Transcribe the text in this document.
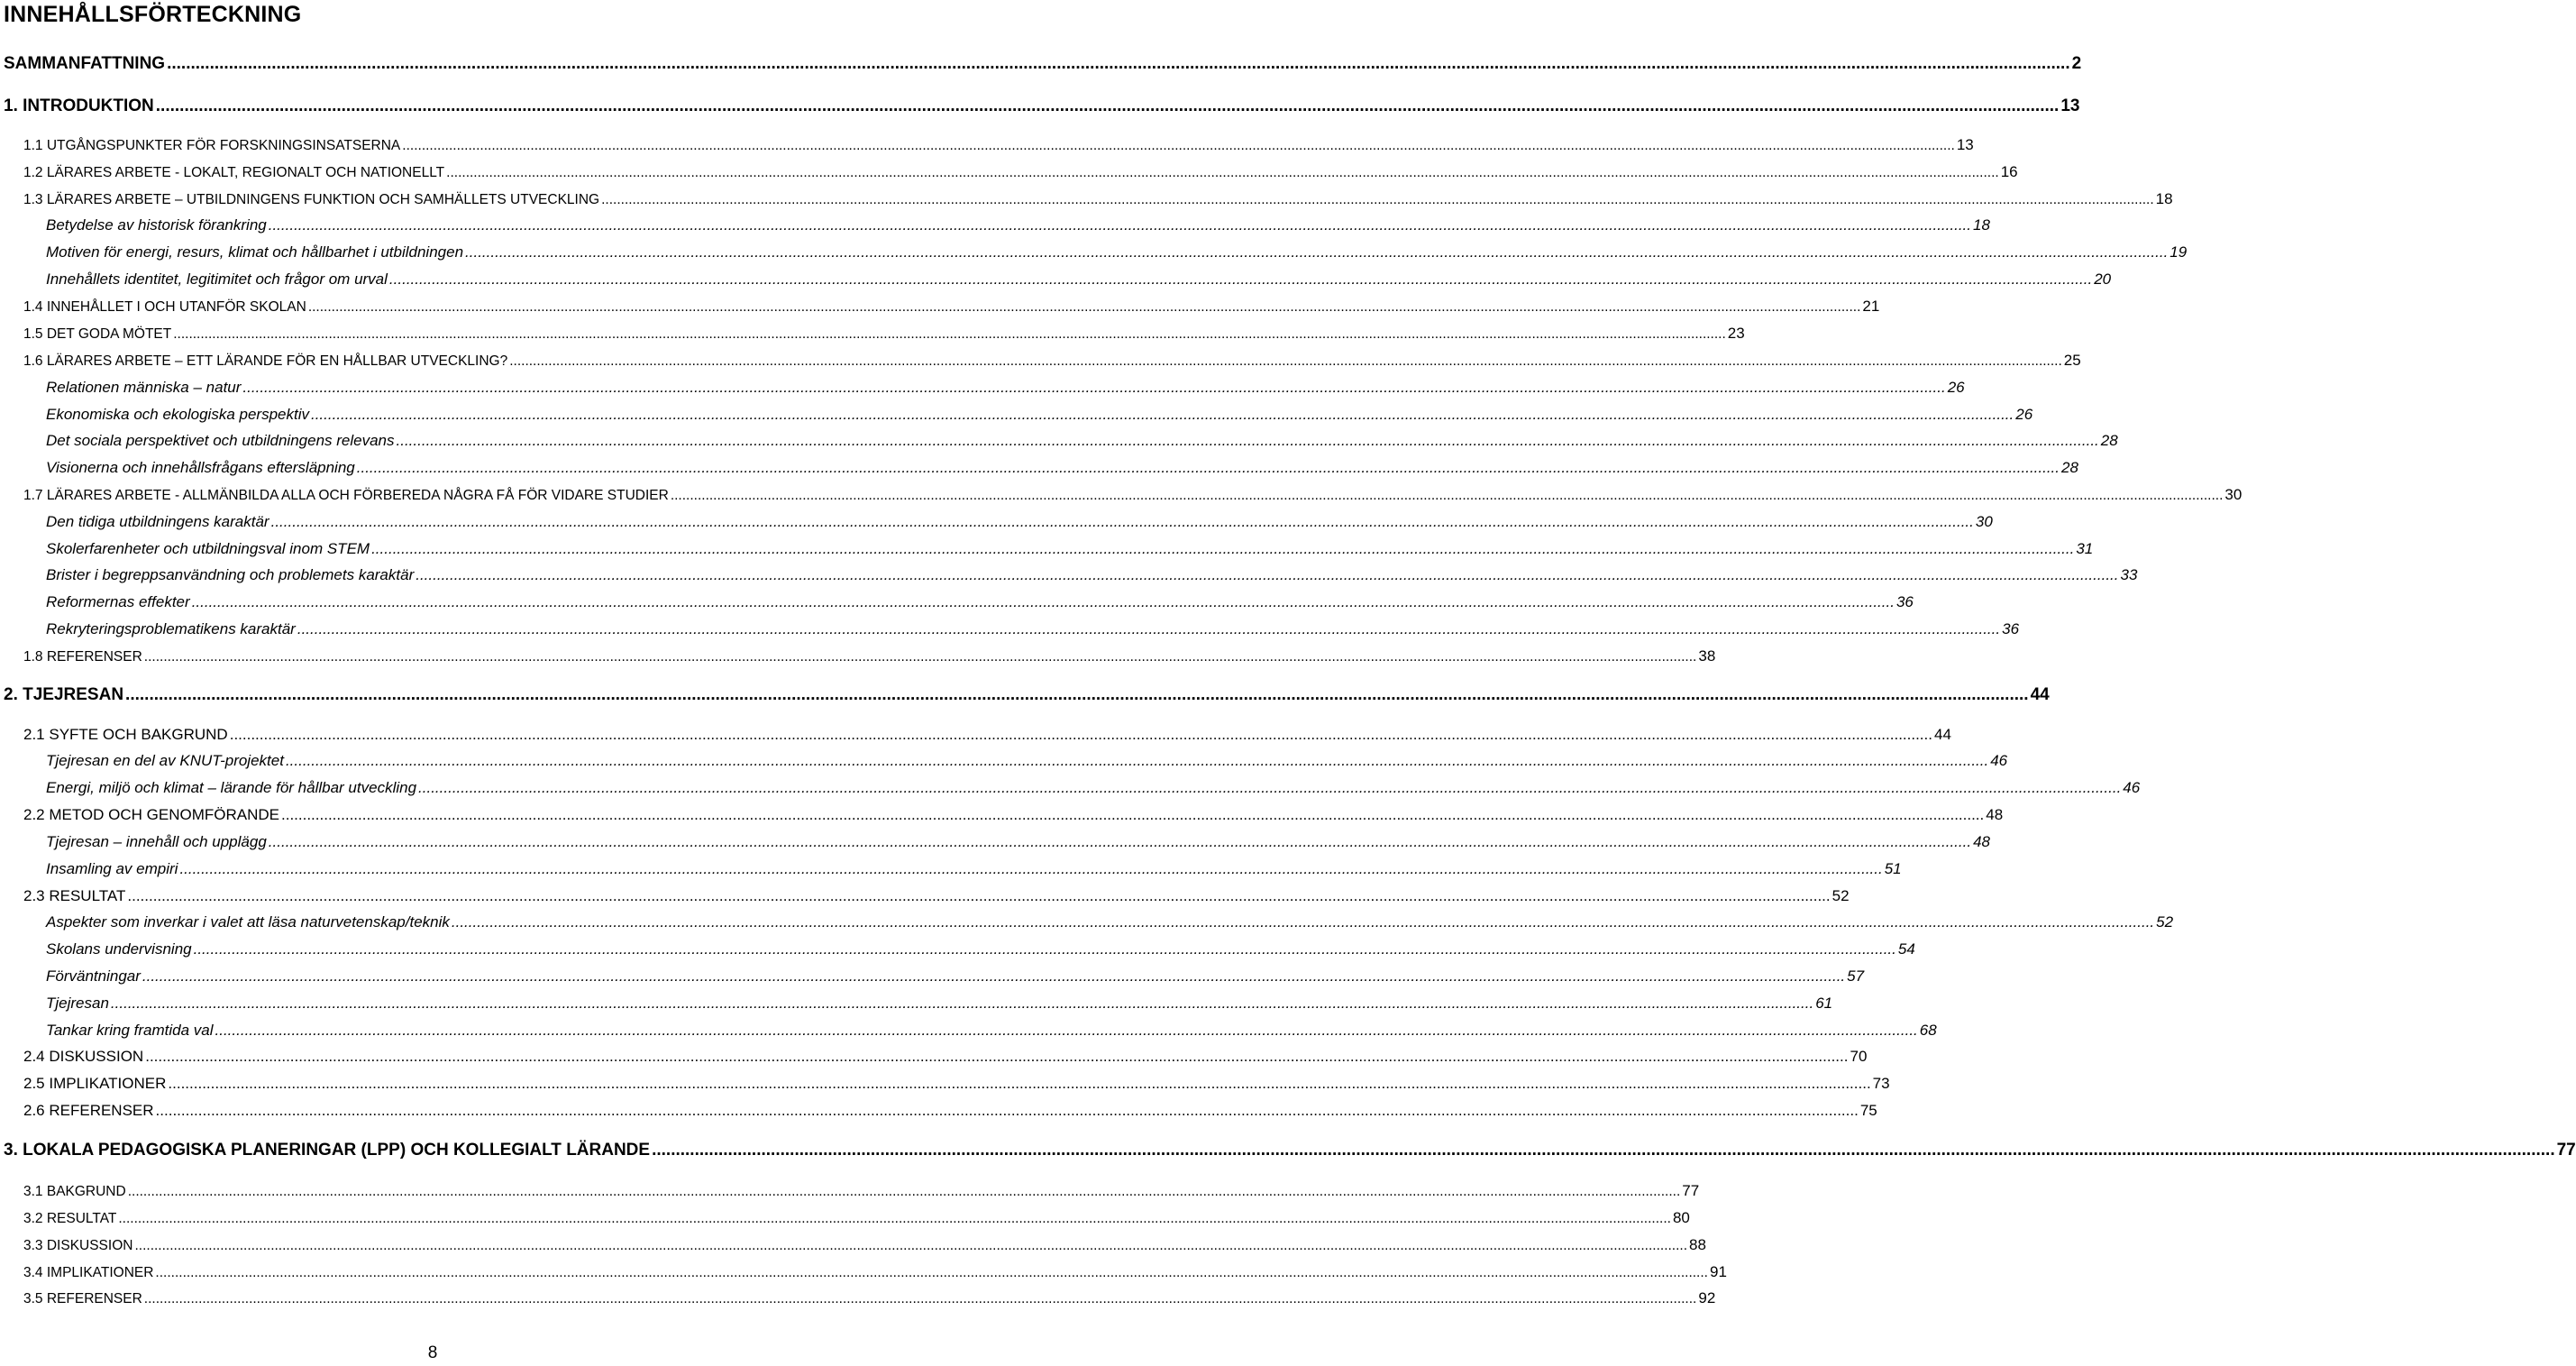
INNEHÅLLSFÖRTECKNING
SAMMANFATTNING ................................................................................................................................................................................................................................................................................................................................................................................................................ 2
1. INTRODUKTION ................................................................................................................................................................................................................................................................................................................................................................................................................ 13
1.1 UTGÅNGSPUNKTER FÖR FORSKNINGSINSATSERNA ................................................................................................................................................................................................................................................................................................................................................................................................................ 13
1.2 LÄRARES ARBETE - LOKALT, REGIONALT OCH NATIONELLT ................................................................................................................................................................................................................................................................................................................................................................................................................ 16
1.3 LÄRARES ARBETE – UTBILDNINGENS FUNKTION OCH SAMHÄLLETS UTVECKLING ................................................................................................................................................................................................................................................................................................................................................................................................................ 18
Betydelse av historisk förankring ................................................................................................................................................................................................................................................................................................................................................................................................................ 18
Motiven för energi, resurs, klimat och hållbarhet i utbildningen ................................................................................................................................................................................................................................................................................................................................................................................................................ 19
Innehållets identitet, legitimitet och frågor om urval ................................................................................................................................................................................................................................................................................................................................................................................................................ 20
1.4 INNEHÅLLET I OCH UTANFÖR SKOLAN ................................................................................................................................................................................................................................................................................................................................................................................................................ 21
1.5 DET GODA MÖTET ................................................................................................................................................................................................................................................................................................................................................................................................................ 23
1.6 LÄRARES ARBETE – ETT LÄRANDE FÖR EN HÅLLBAR UTVECKLING? ................................................................................................................................................................................................................................................................................................................................................................................................................ 25
Relationen människa – natur ................................................................................................................................................................................................................................................................................................................................................................................................................ 26
Ekonomiska och ekologiska perspektiv ................................................................................................................................................................................................................................................................................................................................................................................................................ 26
Det sociala perspektivet och utbildningens relevans ................................................................................................................................................................................................................................................................................................................................................................................................................ 28
Visionerna och innehållsfrågans eftersläpning ................................................................................................................................................................................................................................................................................................................................................................................................................ 28
1.7 LÄRARES ARBETE - ALLMÄNBILDA ALLA OCH FÖRBEREDA NÅGRA FÅ FÖR VIDARE STUDIER ................................................................................................................................................................................................................................................................................................................................................................................................................ 30
Den tidiga utbildningens karaktär ................................................................................................................................................................................................................................................................................................................................................................................................................ 30
Skolerfarenheter och utbildningsval inom STEM ................................................................................................................................................................................................................................................................................................................................................................................................................ 31
Brister i begreppsanvändning och problemets karaktär ................................................................................................................................................................................................................................................................................................................................................................................................................ 33
Reformernas effekter ................................................................................................................................................................................................................................................................................................................................................................................................................ 36
Rekryteringsproblematikens karaktär ................................................................................................................................................................................................................................................................................................................................................................................................................ 36
1.8 REFERENSER ................................................................................................................................................................................................................................................................................................................................................................................................................ 38
2. TJEJRESAN ................................................................................................................................................................................................................................................................................................................................................................................................................ 44
2.1 SYFTE OCH BAKGRUND ................................................................................................................................................................................................................................................................................................................................................................................................................ 44
Tjejresan en del av KNUT-projektet ................................................................................................................................................................................................................................................................................................................................................................................................................ 46
Energi, miljö och klimat – lärande för hållbar utveckling ................................................................................................................................................................................................................................................................................................................................................................................................................ 46
2.2 METOD OCH GENOMFÖRANDE ................................................................................................................................................................................................................................................................................................................................................................................................................ 48
Tjejresan – innehåll och upplägg ................................................................................................................................................................................................................................................................................................................................................................................................................ 48
Insamling av empiri ................................................................................................................................................................................................................................................................................................................................................................................................................ 51
2.3 RESULTAT ................................................................................................................................................................................................................................................................................................................................................................................................................ 52
Aspekter som inverkar i valet att läsa naturvetenskap/teknik ................................................................................................................................................................................................................................................................................................................................................................................................................ 52
Skolans undervisning ................................................................................................................................................................................................................................................................................................................................................................................................................ 54
Förväntningar ................................................................................................................................................................................................................................................................................................................................................................................................................ 57
Tjejresan ................................................................................................................................................................................................................................................................................................................................................................................................................ 61
Tankar kring framtida val ................................................................................................................................................................................................................................................................................................................................................................................................................ 68
2.4 DISKUSSION ................................................................................................................................................................................................................................................................................................................................................................................................................ 70
2.5 IMPLIKATIONER ................................................................................................................................................................................................................................................................................................................................................................................................................ 73
2.6 REFERENSER ................................................................................................................................................................................................................................................................................................................................................................................................................ 75
3. LOKALA PEDAGOGISKA PLANERINGAR (LPP) OCH KOLLEGIALT LÄRANDE ................................................................................................................................................................................................................................................................................................................................................................................................................ 77
3.1 BAKGRUND ................................................................................................................................................................................................................................................................................................................................................................................................................ 77
3.2 RESULTAT ................................................................................................................................................................................................................................................................................................................................................................................................................ 80
3.3 DISKUSSION ................................................................................................................................................................................................................................................................................................................................................................................................................ 88
3.4 IMPLIKATIONER ................................................................................................................................................................................................................................................................................................................................................................................................................ 91
3.5 REFERENSER ................................................................................................................................................................................................................................................................................................................................................................................................................ 92
8
